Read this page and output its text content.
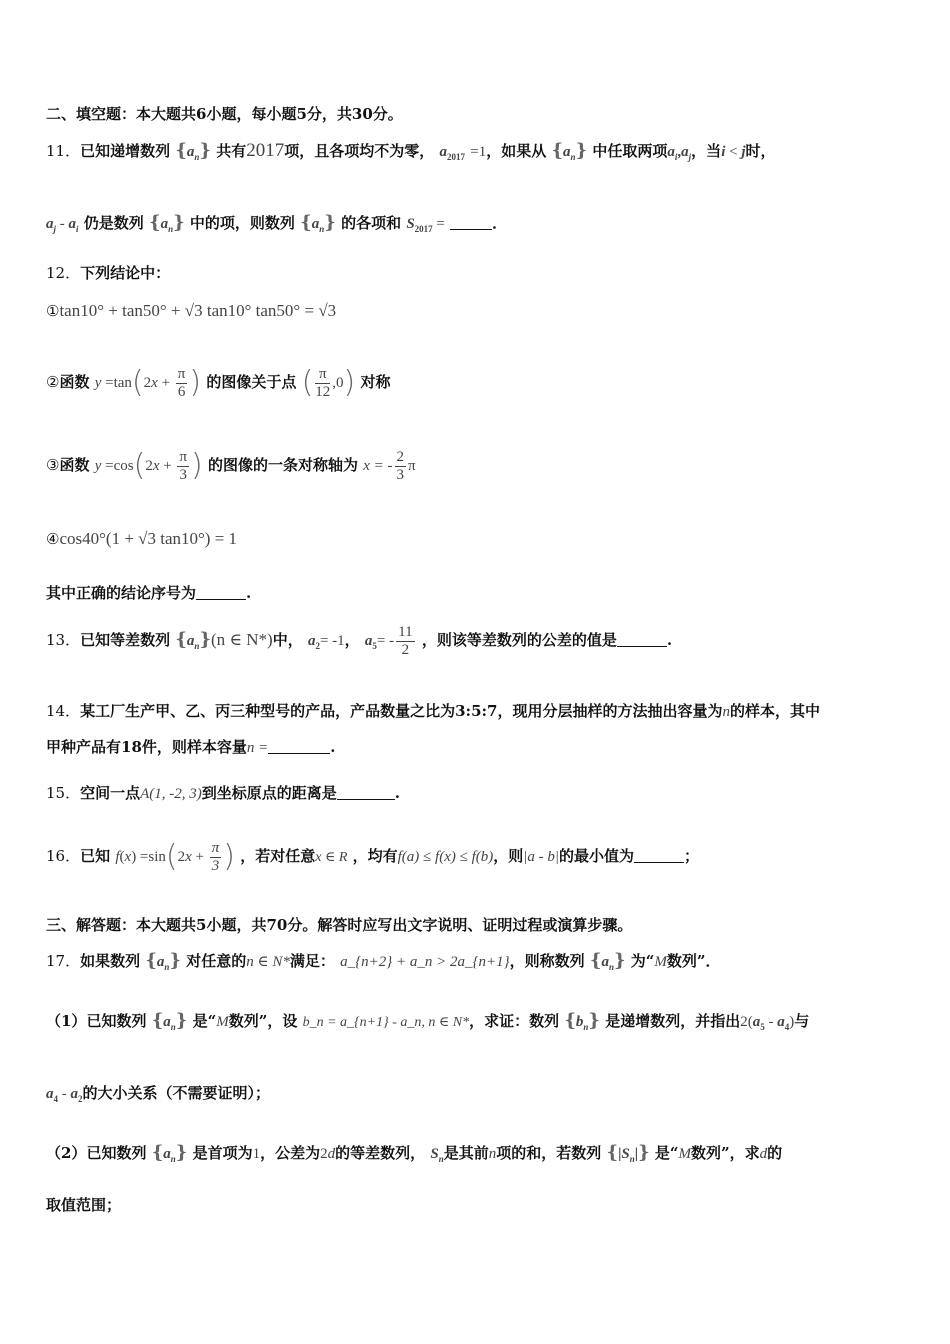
二、填空题：本大题共6小题，每小题5分，共30分。
11．已知递增数列 $\{a_n\}$ 共有2017项，且各项均不为零， $a_{2017} =1$，如果从 $\{a_n\}$ 中任取两项$a_i,a_j$，当i < j时，
$a_j - a_i$ 仍是数列 $\{a_n\}$ 中的项，则数列 $\{a_n\}$ 的各项和 $S_{2017}$ =	．
12．下列结论中：
①tan10° + tan50° + √3 tan10° tan50° = √3
②函数 $y =\tan(2x + \frac{\pi}{6}$ ) 的图像关于点 ( $\frac{\pi}{12} ,0$) 对称
③函数 $y =\cos(2x + \frac{\pi}{3}$ ) 的图像的一条对称轴为 x = - $\frac{2}{3}$ π
④cos40°(1 + √3 tan10°) = 1
其中正确的结论序号为	.
13．已知等差数列 $\{a_n\}(n$ ∈ N*)中， $a_2= -1$， $a_5= - \frac{11}{2}$ ，则该等差数列的公差的值是	.
14．某工厂生产甲、乙、丙三种型号的产品，产品数量之比为3:5:7，现用分层抽样的方法抽出容量为n的样本，其中
甲种产品有18件，则样本容量n =	.
15．空间一点A(1, -2, 3)到坐标原点的距离是	.
16．已知 $f(x) =\sin(2x + \frac{\pi}{3}$ ) ，若对任意x ∈ R ，均有f(a) ≤ f(x) ≤ f(b)，则|a - b|的最小值为	；
三、解答题：本大题共5小题，共70分。解答时应写出文字说明、证明过程或演算步骤。
17．如果数列 $\{a_n\}$ 对任意的n ∈ N*满足： a_{n+2} + a_n > 2a_{n+1}，则称数列 $\{a_n\}$ 为“M数列”．
（1）已知数列 $\{a_n\}$ 是“M数列”，设 b_n = a_{n+1} - a_n, n ∈ N*，求证：数列 $\{b_n\}$ 是递增数列，并指出$2(a_5 - a_4)$与
$a_4 - a_2$的大小关系（不需要证明）；
（2）已知数列 $\{a_n\}$ 是首项为1，公差为2d的等差数列， $S_n$是其前n项的和，若数列 $\{|S_n|\}$ 是“M数列”，求d的
取值范围；
